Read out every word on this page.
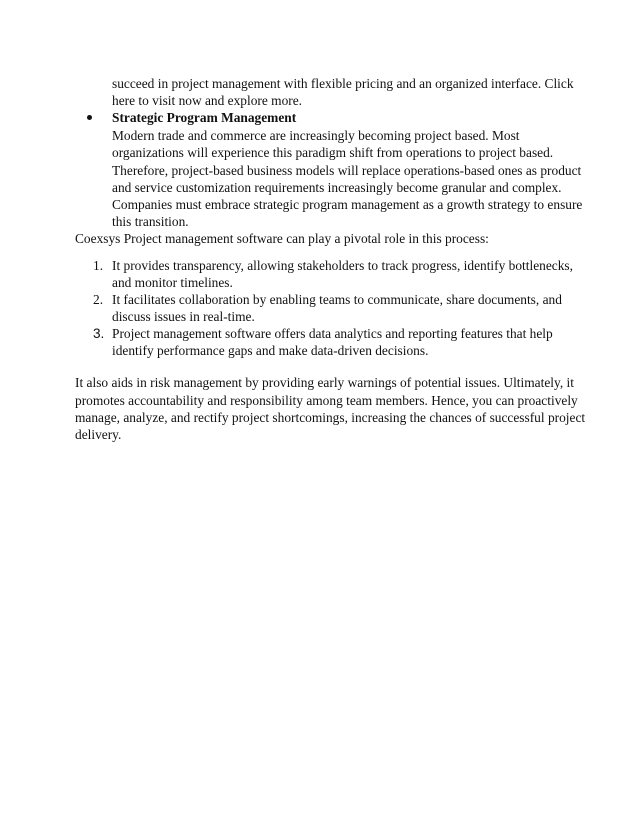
succeed in project management with flexible pricing and an organized interface. Click
here to visit now and explore more.
Strategic Program Management
Modern trade and commerce are increasingly becoming project based. Most
organizations will experience this paradigm shift from operations to project based.
Therefore, project-based business models will replace operations-based ones as product
and service customization requirements increasingly become granular and complex.
Companies must embrace strategic program management as a growth strategy to ensure
this transition.
Coexsys Project management software can play a pivotal role in this process:
1. It provides transparency, allowing stakeholders to track progress, identify bottlenecks,
and monitor timelines.
2. It facilitates collaboration by enabling teams to communicate, share documents, and
discuss issues in real-time.
3. Project management software offers data analytics and reporting features that help
identify performance gaps and make data-driven decisions.
It also aids in risk management by providing early warnings of potential issues. Ultimately, it
promotes accountability and responsibility among team members. Hence, you can proactively
manage, analyze, and rectify project shortcomings, increasing the chances of successful project
delivery.
